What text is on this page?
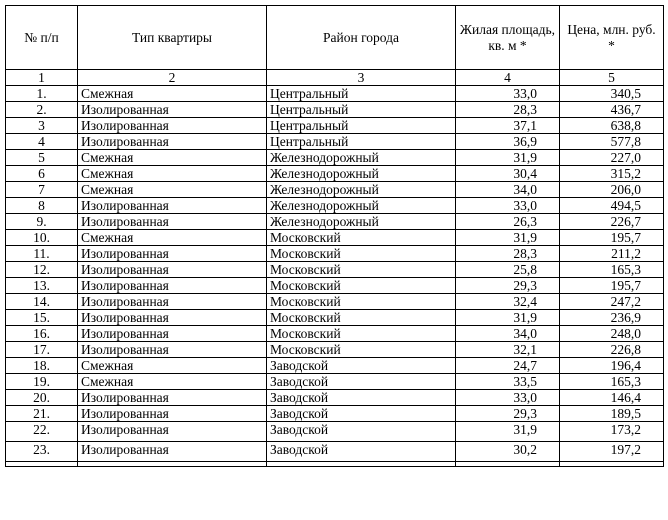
№ п/п	Тип квартиры	Район города	Жилая площадь, кв. м *	Цена, млн. руб. *
1	2	3	4	5
1.	Смежная	Центральный	33,0	340,5
2.	Изолированная	Центральный	28,3	436,7
3	Изолированная	Центральный	37,1	638,8
4	Изолированная	Центральный	36,9	577,8
5	Смежная	Железнодорожный	31,9	227,0
6	Смежная	Железнодорожный	30,4	315,2
7	Смежная	Железнодорожный	34,0	206,0
8	Изолированная	Железнодорожный	33,0	494,5
9.	Изолированная	Железнодорожный	26,3	226,7
10.	Смежная	Московский	31,9	195,7
11.	Изолированная	Московский	28,3	211,2
12.	Изолированная	Московский	25,8	165,3
13.	Изолированная	Московский	29,3	195,7
14.	Изолированная	Московский	32,4	247,2
15.	Изолированная	Московский	31,9	236,9
16.	Изолированная	Московский	34,0	248,0
17.	Изолированная	Московский	32,1	226,8
18.	Смежная	Заводской	24,7	196,4
19.	Смежная	Заводской	33,5	165,3
20.	Изолированная	Заводской	33,0	146,4
21.	Изолированная	Заводской	29,3	189,5
22.	Изолированная	Заводской	31,9	173,2
23.	Изолированная	Заводской	30,2	197,2
